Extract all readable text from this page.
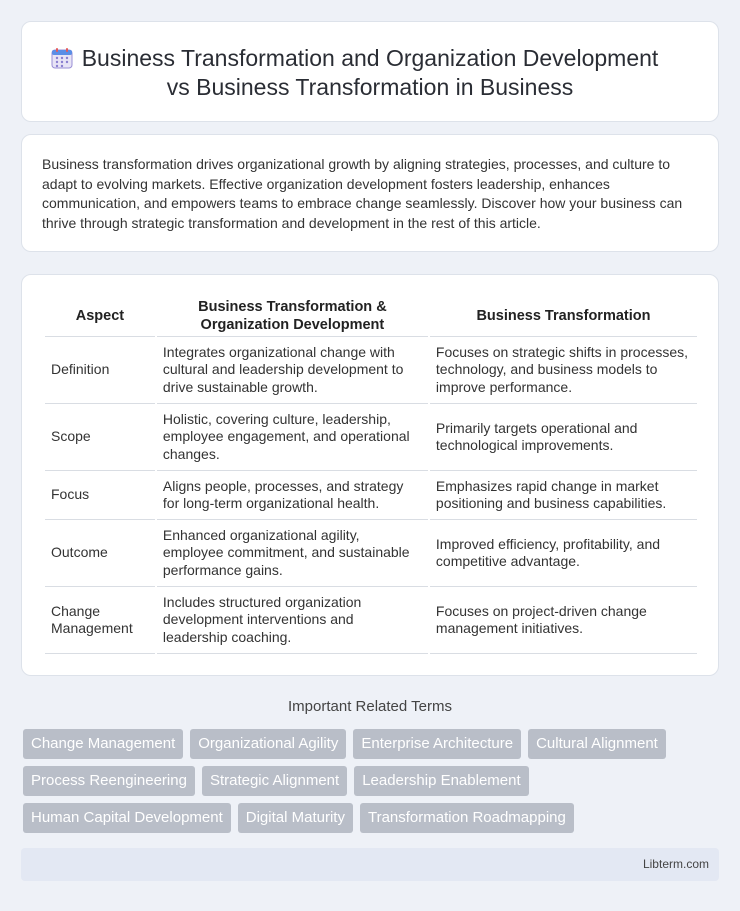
Business Transformation and Organization Development
vs Business Transformation in Business

Business transformation drives organizational growth by aligning strategies, processes, and culture to adapt to evolving markets. Effective organization development fosters leadership, enhances communication, and empowers teams to embrace change seamlessly. Discover how your business can thrive through strategic transformation and development in the rest of this article.

Aspect	Business Transformation & Organization Development	Business Transformation
Definition	Integrates organizational change with cultural and leadership development to drive sustainable growth.	Focuses on strategic shifts in processes, technology, and business models to improve performance.
Scope	Holistic, covering culture, leadership, employee engagement, and operational changes.	Primarily targets operational and technological improvements.
Focus	Aligns people, processes, and strategy for long-term organizational health.	Emphasizes rapid change in market positioning and business capabilities.
Outcome	Enhanced organizational agility, employee commitment, and sustainable performance gains.	Improved efficiency, profitability, and competitive advantage.
Change Management	Includes structured organization development interventions and leadership coaching.	Focuses on project-driven change management initiatives.
Important Related Terms
Change Management	Organizational Agility	Enterprise Architecture	Cultural Alignment
Process Reengineering	Strategic Alignment	Leadership Enablement
Human Capital Development	Digital Maturity	Transformation Roadmapping
Libterm.com
